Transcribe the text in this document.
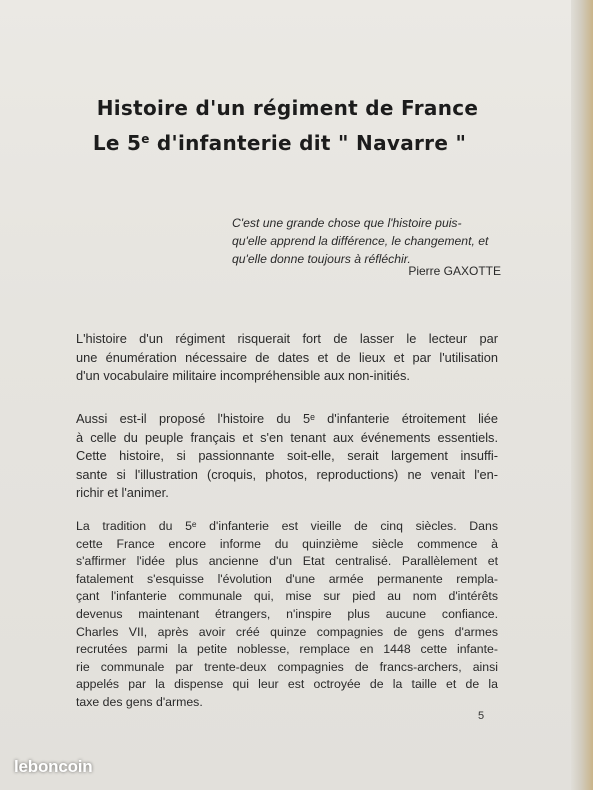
Histoire d'un régiment de France
Le 5e d'infanterie dit " Navarre "
C'est une grande chose que l'histoire puis-
qu'elle apprend la différence, le changement, et
qu'elle donne toujours à réfléchir.
Pierre GAXOTTE
L'histoire d'un régiment risquerait fort de lasser le lecteur par
une énumération nécessaire de dates et de lieux et par l'utilisation
d'un vocabulaire militaire incompréhensible aux non-initiés.
Aussi est-il proposé l'histoire du 5ᵉ d'infanterie étroitement liée
à celle du peuple français et s'en tenant aux événements essentiels.
Cette histoire, si passionnante soit-elle, serait largement insuffi-
sante si l'illustration (croquis, photos, reproductions) ne venait l'en-
richir et l'animer.
La tradition du 5ᵉ d'infanterie est vieille de cinq siècles. Dans
cette France encore informe du quinzième siècle commence à
s'affirmer l'idée plus ancienne d'un Etat centralisé. Parallèlement et
fatalement s'esquisse l'évolution d'une armée permanente rempla-
çant l'infanterie communale qui, mise sur pied au nom d'intérêts
devenus maintenant étrangers, n'inspire plus aucune confiance.
Charles VII, après avoir créé quinze compagnies de gens d'armes
recrutées parmi la petite noblesse, remplace en 1448 cette infante-
rie communale par trente-deux compagnies de francs-archers, ainsi
appelés par la dispense qui leur est octroyée de la taille et de la
taxe des gens d'armes.
5
leboncoin
